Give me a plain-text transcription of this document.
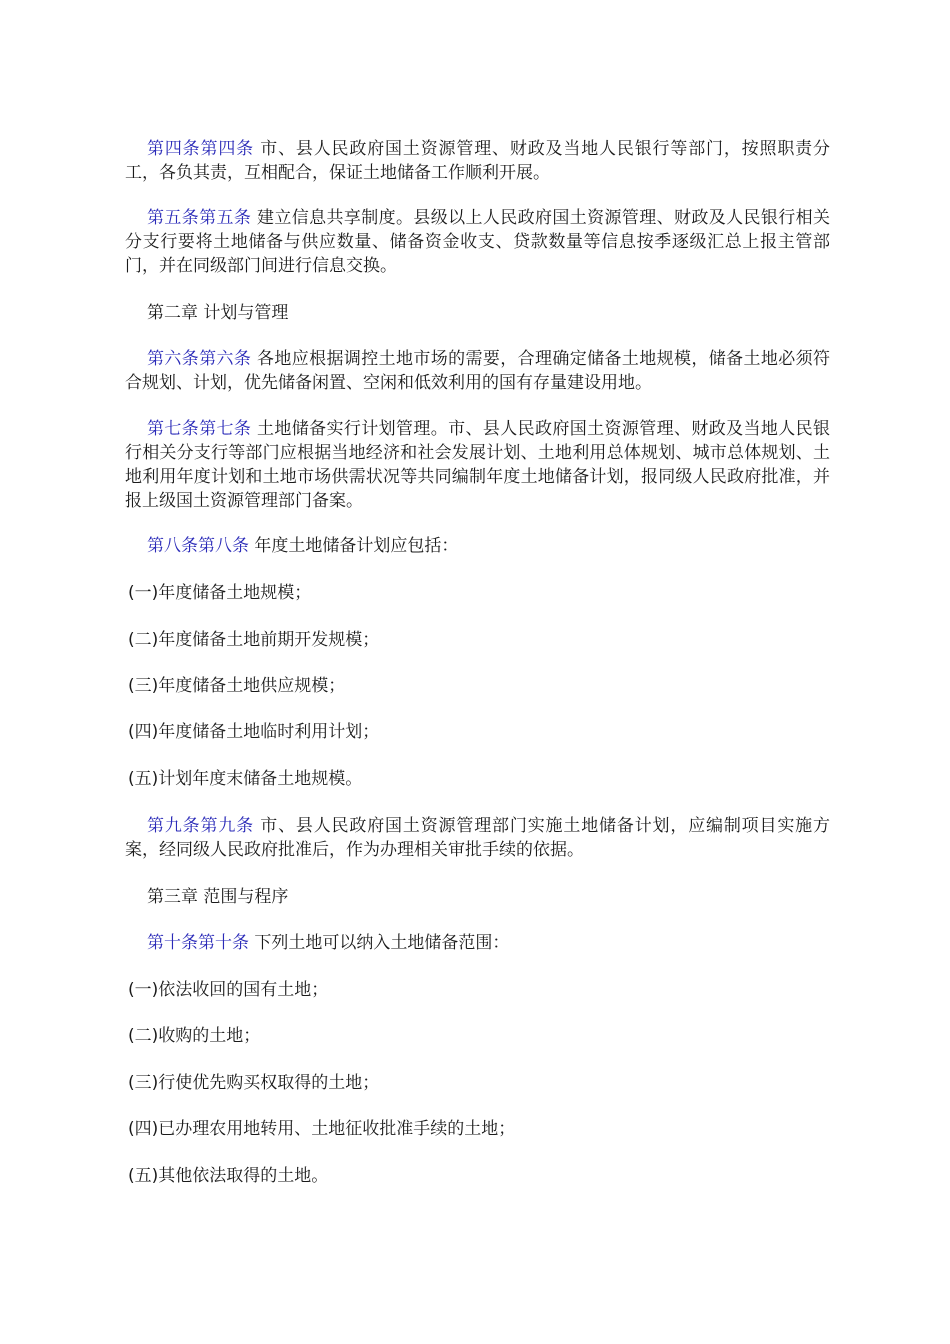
第四条第四条 市、县人民政府国土资源管理、财政及当地人民银行等部门，按照职责分工，各负其责，互相配合，保证土地储备工作顺利开展。

第五条第五条 建立信息共享制度。县级以上人民政府国土资源管理、财政及人民银行相关分支行要将土地储备与供应数量、储备资金收支、贷款数量等信息按季逐级汇总上报主管部门，并在同级部门间进行信息交换。

第二章 计划与管理

第六条第六条 各地应根据调控土地市场的需要，合理确定储备土地规模，储备土地必须符合规划、计划，优先储备闲置、空闲和低效利用的国有存量建设用地。

第七条第七条 土地储备实行计划管理。市、县人民政府国土资源管理、财政及当地人民银行相关分支行等部门应根据当地经济和社会发展计划、土地利用总体规划、城市总体规划、土地利用年度计划和土地市场供需状况等共同编制年度土地储备计划，报同级人民政府批准，并报上级国土资源管理部门备案。

第八条第八条 年度土地储备计划应包括：

(一)年度储备土地规模；

(二)年度储备土地前期开发规模；

(三)年度储备土地供应规模；

(四)年度储备土地临时利用计划；

(五)计划年度末储备土地规模。

第九条第九条 市、县人民政府国土资源管理部门实施土地储备计划，应编制项目实施方案，经同级人民政府批准后，作为办理相关审批手续的依据。

第三章 范围与程序

第十条第十条 下列土地可以纳入土地储备范围：

(一)依法收回的国有土地；

(二)收购的土地；

(三)行使优先购买权取得的土地；

(四)已办理农用地转用、土地征收批准手续的土地；

(五)其他依法取得的土地。
